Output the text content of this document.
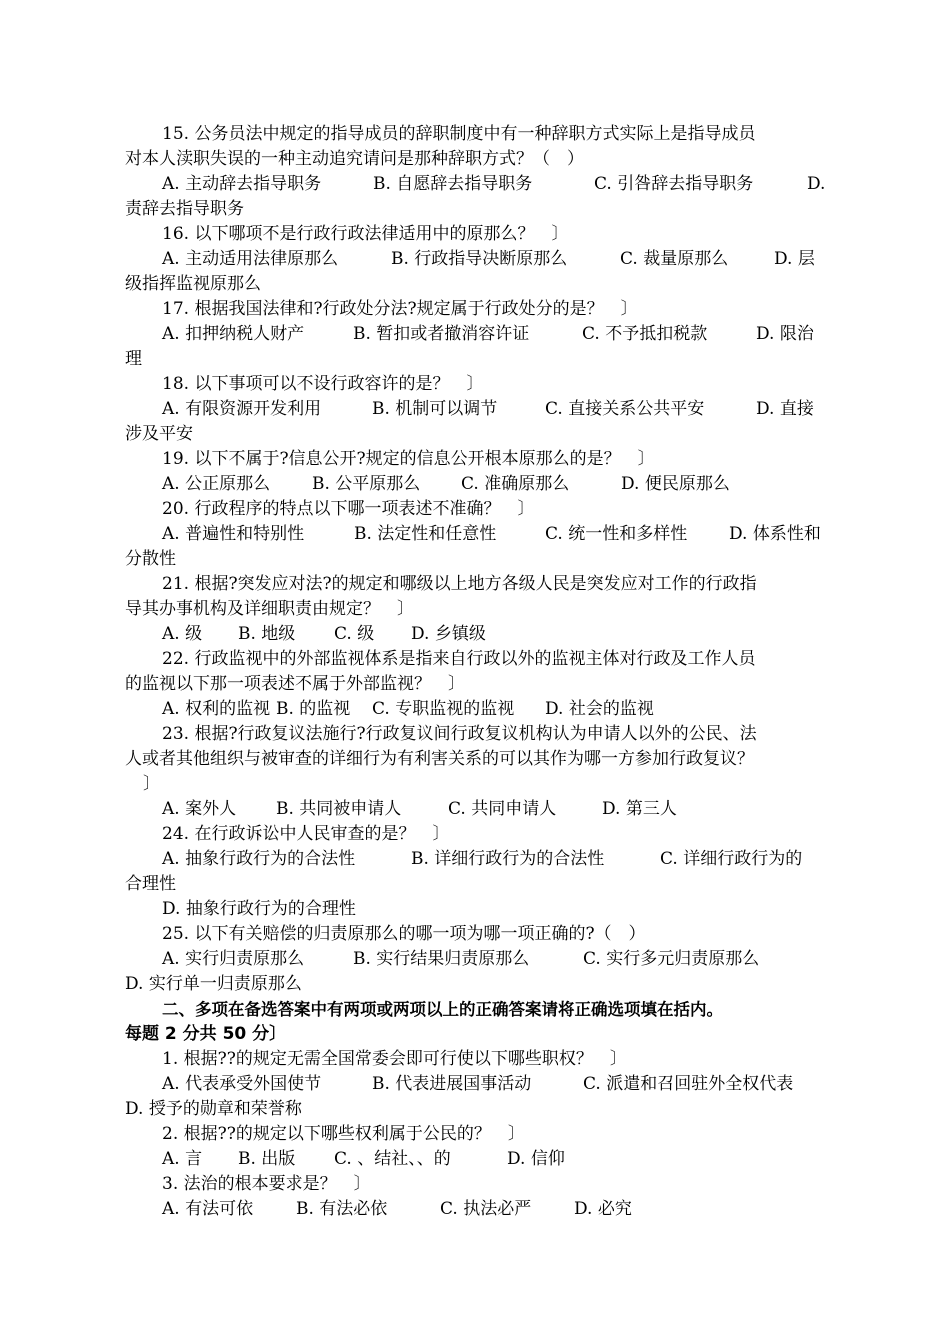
15. 公务员法中规定的指导成员的辞职制度中有一种辞职方式实际上是指导成员
对本人渎职失误的一种主动追究请问是那种辞职方式？（　）
A. 主动辞去指导职务	B. 自愿辞去指导职务	C. 引咎辞去指导职务	D.
责辞去指导职务
16. 以下哪项不是行政行政法律适用中的原那么？　〕
A. 主动适用法律原那么	B. 行政指导决断原那么	C. 裁量原那么	D. 层
级指挥监视原那么
17. 根据我国法律和?行政处分法?规定属于行政处分的是？　〕
A. 扣押纳税人财产	B. 暂扣或者撤消容许证	C. 不予抵扣税款	D. 限治
理
18. 以下事项可以不设行政容许的是？　〕
A. 有限资源开发利用	B. 机制可以调节	C. 直接关系公共平安	D. 直接
涉及平安
19. 以下不属于?信息公开?规定的信息公开根本原那么的是？　〕
A. 公正原那么	B. 公平原那么	C. 准确原那么	D. 便民原那么
20. 行政程序的特点以下哪一项表述不准确？　〕
A. 普遍性和特别性	B. 法定性和任意性	C. 统一性和多样性	D. 体系性和
分散性
21. 根据?突发应对法?的规定和哪级以上地方各级人民是突发应对工作的行政指
导其办事机构及详细职责由规定？　〕
A. 级	B. 地级	C. 级	D. 乡镇级
22. 行政监视中的外部监视体系是指来自行政以外的监视主体对行政及工作人员
的监视以下那一项表述不属于外部监视？　〕
A. 权利的监视 B. 的监视	C. 专职监视的监视	D. 社会的监视
23. 根据?行政复议法施行?行政复议间行政复议机构认为申请人以外的公民、法
人或者其他组织与被审查的详细行为有利害关系的可以其作为哪一方参加行政复议？
〕
A. 案外人	B. 共同被申请人	C. 共同申请人	D. 第三人
24. 在行政诉讼中人民审查的是？　〕
A. 抽象行政行为的合法性	B. 详细行政行为的合法性	C. 详细行政行为的
合理性
D. 抽象行政行为的合理性
25. 以下有关赔偿的归责原那么的哪一项为哪一项正确的?（　）
A. 实行归责原那么	B. 实行结果归责原那么	C. 实行多元归责原那么
D. 实行单一归责原那么
二、多项在备选答案中有两项或两项以上的正确答案请将正确选项填在括内。
每题 2 分共 50 分〕
1. 根据??的规定无需全国常委会即可行使以下哪些职权？　〕
A. 代表承受外国使节	B. 代表进展国事活动	C. 派遣和召回驻外全权代表
D. 授予的勋章和荣誉称
2. 根据??的规定以下哪些权利属于公民的？　〕
A. 言	B. 出版	C. 、结社、、的	D. 信仰
3. 法治的根本要求是？　〕
A. 有法可依	B. 有法必依	C. 执法必严	D. 必究
